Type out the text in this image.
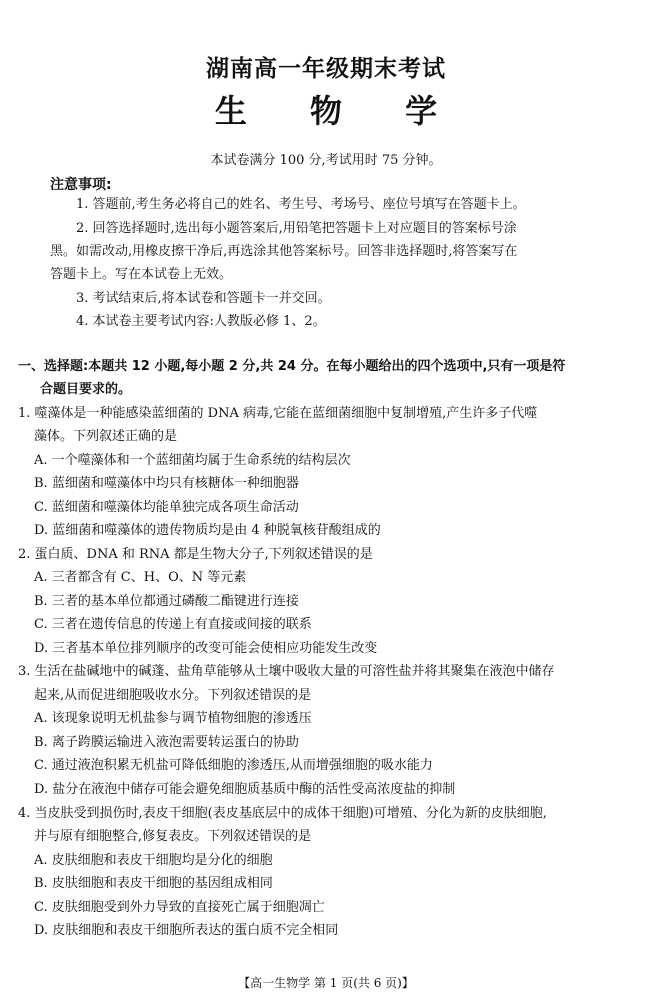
湖南高一年级期末考试
生 物 学
本试卷满分 100 分,考试用时 75 分钟。
注意事项:
1. 答题前,考生务必将自己的姓名、考生号、考场号、座位号填写在答题卡上。
2. 回答选择题时,选出每小题答案后,用铅笔把答题卡上对应题目的答案标号涂
黑。如需改动,用橡皮擦干净后,再选涂其他答案标号。回答非选择题时,将答案写在
答题卡上。写在本试卷上无效。
3. 考试结束后,将本试卷和答题卡一并交回。
4. 本试卷主要考试内容:人教版必修 1、2。
一、选择题:本题共 12 小题,每小题 2 分,共 24 分。在每小题给出的四个选项中,只有一项是符
合题目要求的。
1. 噬藻体是一种能感染蓝细菌的 DNA 病毒,它能在蓝细菌细胞中复制增殖,产生许多子代噬
藻体。下列叙述正确的是
A. 一个噬藻体和一个蓝细菌均属于生命系统的结构层次
B. 蓝细菌和噬藻体中均只有核糖体一种细胞器
C. 蓝细菌和噬藻体均能单独完成各项生命活动
D. 蓝细菌和噬藻体的遗传物质均是由 4 种脱氧核苷酸组成的
2. 蛋白质、DNA 和 RNA 都是生物大分子,下列叙述错误的是
A. 三者都含有 C、H、O、N 等元素
B. 三者的基本单位都通过磷酸二酯键进行连接
C. 三者在遗传信息的传递上有直接或间接的联系
D. 三者基本单位排列顺序的改变可能会使相应功能发生改变
3. 生活在盐碱地中的碱蓬、盐角草能够从土壤中吸收大量的可溶性盐并将其聚集在液泡中储存
起来,从而促进细胞吸收水分。下列叙述错误的是
A. 该现象说明无机盐参与调节植物细胞的渗透压
B. 离子跨膜运输进入液泡需要转运蛋白的协助
C. 通过液泡积累无机盐可降低细胞的渗透压,从而增强细胞的吸水能力
D. 盐分在液泡中储存可能会避免细胞质基质中酶的活性受高浓度盐的抑制
4. 当皮肤受到损伤时,表皮干细胞(表皮基底层中的成体干细胞)可增殖、分化为新的皮肤细胞,
并与原有细胞整合,修复表皮。下列叙述错误的是
A. 皮肤细胞和表皮干细胞均是分化的细胞
B. 皮肤细胞和表皮干细胞的基因组成相同
C. 皮肤细胞受到外力导致的直接死亡属于细胞凋亡
D. 皮肤细胞和表皮干细胞所表达的蛋白质不完全相同
【高一生物学 第 1 页(共 6 页)】
